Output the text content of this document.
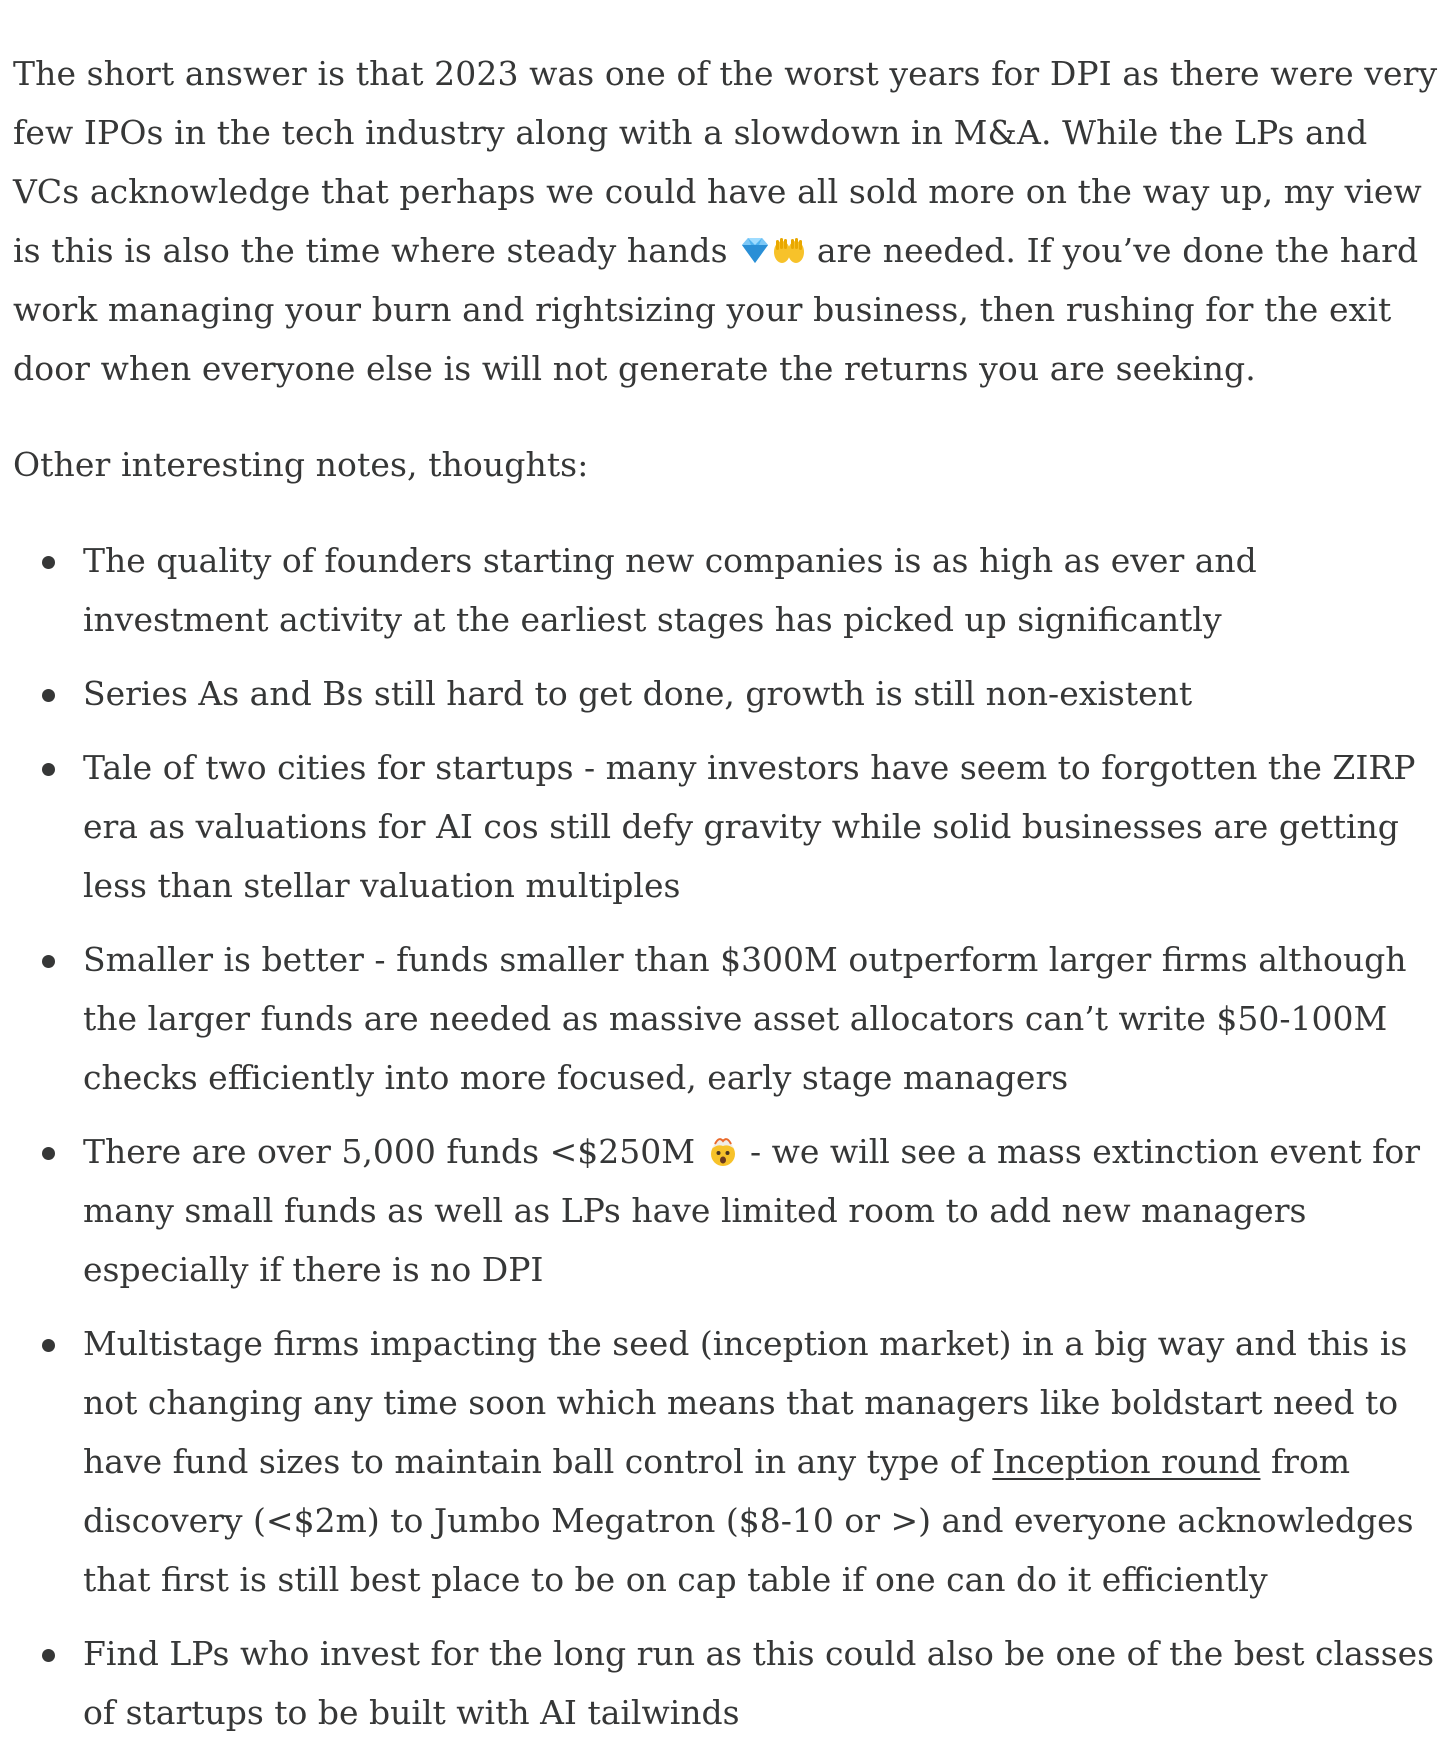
The short answer is that 2023 was one of the worst years for DPI as there were very few IPOs in the tech industry along with a slowdown in M&A. While the LPs and VCs acknowledge that perhaps we could have all sold more on the way up, my view is this is also the time where steady hands	are needed. If you’ve done the hard work managing your burn and rightsizing your business, then rushing for the exit door when everyone else is will not generate the returns you are seeking.

Other interesting notes, thoughts:

The quality of founders starting new companies is as high as ever and investment activity at the earliest stages has picked up significantly
Series As and Bs still hard to get done, growth is still non-existent
Tale of two cities for startups - many investors have seem to forgotten the ZIRP era as valuations for AI cos still defy gravity while solid businesses are getting less than stellar valuation multiples
Smaller is better - funds smaller than $300M outperform larger firms although the larger funds are needed as massive asset allocators can’t write $50-100M checks efficiently into more focused, early stage managers
There are over 5,000 funds <$250M - we will see a mass extinction event for many small funds as well as LPs have limited room to add new managers especially if there is no DPI
Multistage firms impacting the seed (inception market) in a big way and this is not changing any time soon which means that managers like boldstart need to have fund sizes to maintain ball control in any type of Inception round from discovery (<$2m) to Jumbo Megatron ($8-10 or >) and everyone acknowledges that first is still best place to be on cap table if one can do it efficiently
Find LPs who invest for the long run as this could also be one of the best classes of startups to be built with AI tailwinds
